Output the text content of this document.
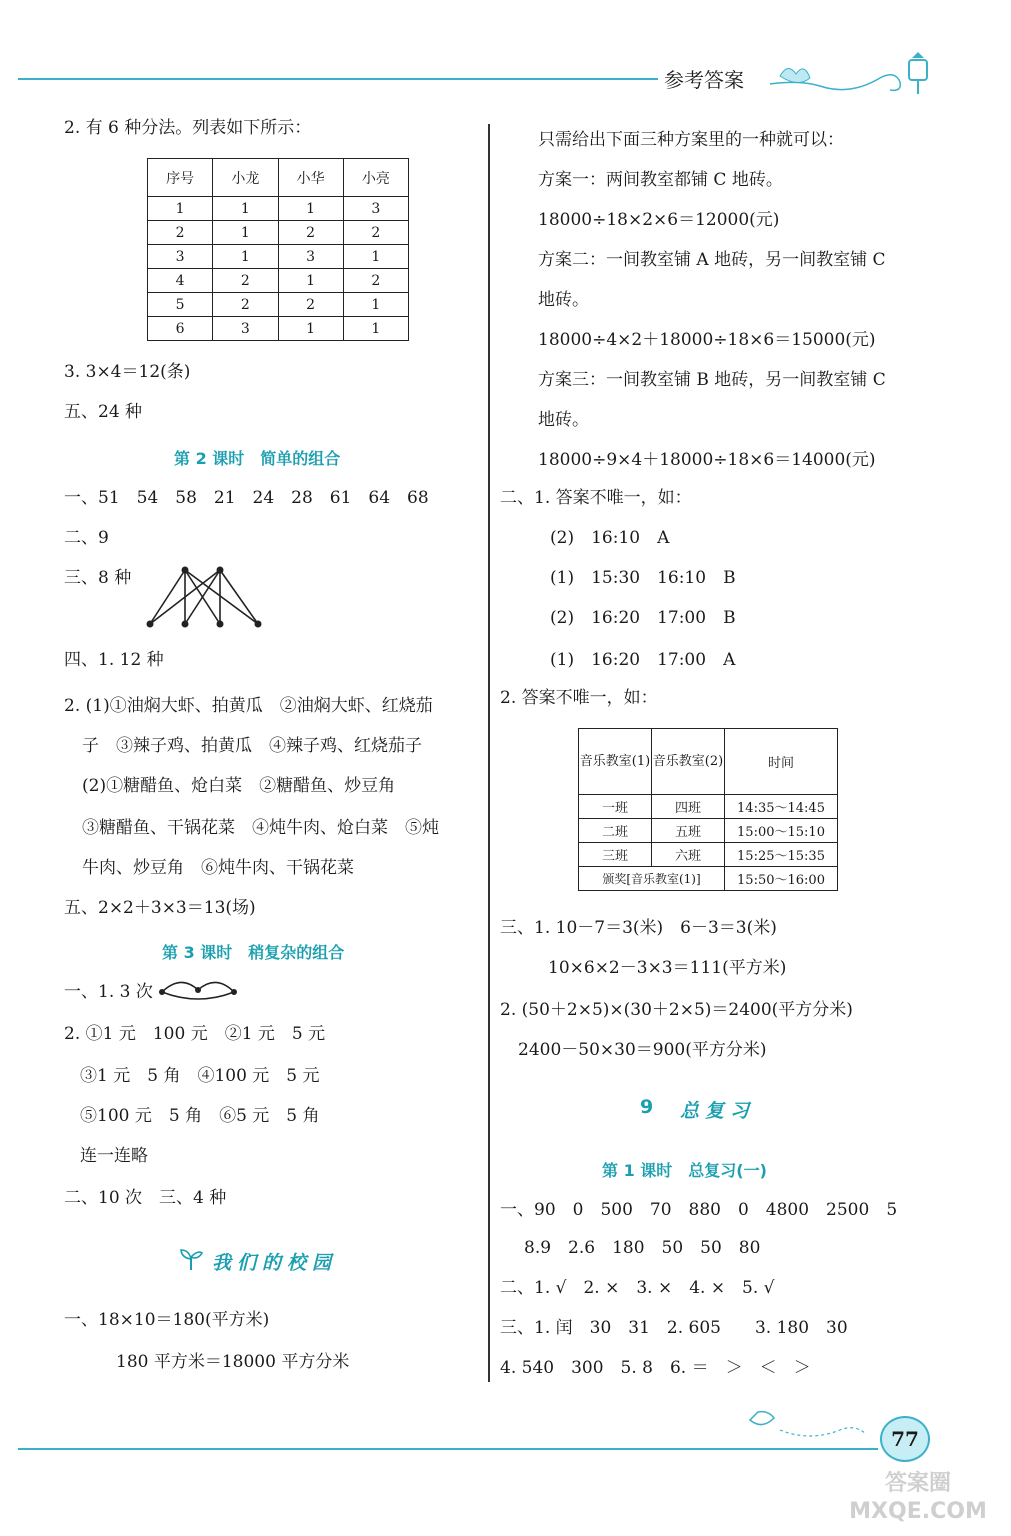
参考答案
2. 有 6 种分法。列表如下所示：
序号	小龙	小华	小亮
1	1	1	3
2	1	2	2
3	1	3	1
4	2	1	2
5	2	2	1
6	3	1	1
3. 3×4＝12(条)
五、24 种
第 2 课时　简单的组合
一、51　54　58　21　24　28　61　64　68
二、9
三、8 种
四、1. 12 种
2. (1)①油焖大虾、拍黄瓜　②油焖大虾、红烧茄
子　③辣子鸡、拍黄瓜　④辣子鸡、红烧茄子
(2)①糖醋鱼、炝白菜　②糖醋鱼、炒豆角
③糖醋鱼、干锅花菜　④炖牛肉、炝白菜　⑤炖
牛肉、炒豆角　⑥炖牛肉、干锅花菜
五、2×2＋3×3＝13(场)
第 3 课时　稍复杂的组合
一、1. 3 次
2. ①1 元　100 元　②1 元　5 元
③1 元　5 角　④100 元　5 元
⑤100 元　5 角　⑥5 元　5 角
连一连略
二、10 次　三、4 种
我们的校园
一、18×10＝180(平方米)
180 平方米＝18000 平方分米
只需给出下面三种方案里的一种就可以：
方案一：两间教室都铺 C 地砖。
18000÷18×2×6＝12000(元)
方案二：一间教室铺 A 地砖，另一间教室铺 C
地砖。
18000÷4×2＋18000÷18×6＝15000(元)
方案三：一间教室铺 B 地砖，另一间教室铺 C
地砖。
18000÷9×4＋18000÷18×6＝14000(元)
二、1. 答案不唯一，如：
(2)　16:10　A
(1)　15:30　16:10　B
(2)　16:20　17:00　B
(1)　16:20　17:00　A
2. 答案不唯一，如：
音乐教室(1)	音乐教室(2)	时间
一班	四班	14:35～14:45
二班	五班	15:00～15:10
三班	六班	15:25～15:35
颁奖[音乐教室(1)]		15:50～16:00
三、1. 10－7＝3(米)　6－3＝3(米)
10×6×2－3×3＝111(平方米)
2. (50＋2×5)×(30＋2×5)＝2400(平方分米)
2400－50×30＝900(平方分米)
9 总复习
第 1 课时　总复习(一)
一、90　0　500　70　880　0　4800　2500　5
8.9　2.6　180　50　50　80
二、1. √　2. ×　3. ×　4. ×　5. √
三、1. 闰　30　31　2. 605　　3. 180　30
4. 540　300　5. 8　6. ＝　＞　＜　＞
77
答案圈 MXQE.COM
